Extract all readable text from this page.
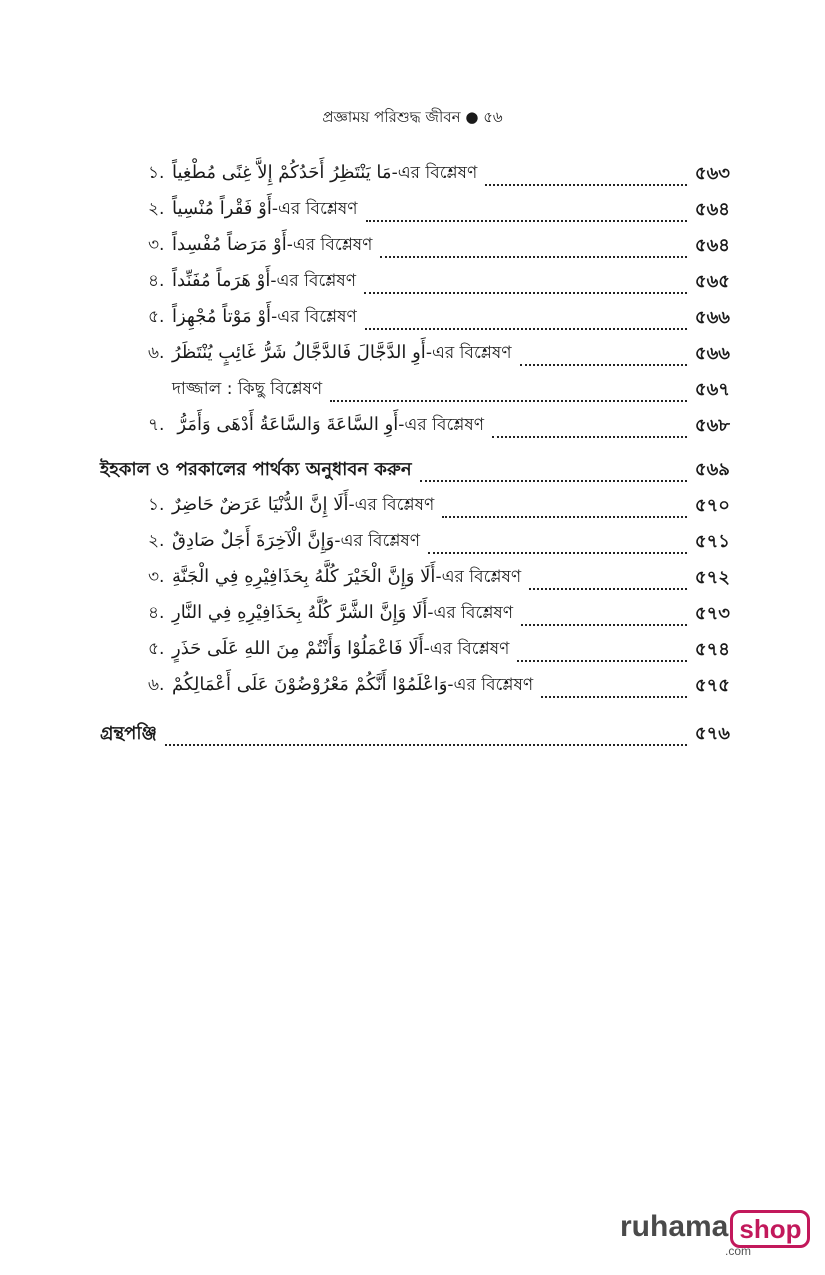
প্রজ্ঞাময় পরিশুদ্ধ জীবন ● ৫৬
১. مَا يَنْتَظِرُ أَحَدُكُمْ إِلاَّ غِنًى مُطْغِياً-এর বিশ্লেষণ	৫৬৩
২. أَوْ فَقْراً مُنْسِياً-এর বিশ্লেষণ	৫৬৪
৩. أَوْ مَرَضاً مُفْسِداً-এর বিশ্লেষণ	৫৬৪
৪. أَوْ هَرَماً مُفَنِّداً-এর বিশ্লেষণ	৫৬৫
৫. أَوْ مَوْتاً مُجْهِزاً-এর বিশ্লেষণ	৫৬৬
৬. أَوِ الدَّجَّالَ فَالدَّجَّالُ شَرُّ غَائِبٍ يُنْتَظَرُ-এর বিশ্লেষণ	৫৬৬
দাজ্জাল : কিছু বিশ্লেষণ	৫৬৭
৭. أَوِ السَّاعَةَ وَالسَّاعَةُ أَدْهَى وَأَمَرُّ-এর বিশ্লেষণ	৫৬৮
ইহকাল ও পরকালের পার্থক্য অনুধাবন করুন	৫৬৯
১. أَلَا إِنَّ الدُّنْيَا عَرَضٌ حَاضِرٌ-এর বিশ্লেষণ	৫৭০
২. وَإِنَّ الْآخِرَةَ أَجَلٌ صَادِقٌ-এর বিশ্লেষণ	৫৭১
৩. أَلَا وَإِنَّ الْخَيْرَ كُلَّهُ بِحَذَافِيْرِهِ فِي الْجَنَّةِ-এর বিশ্লেষণ	৫৭২
৪. أَلَا وَإِنَّ الشَّرَّ كُلَّهُ بِحَذَافِيْرِهِ فِي النَّارِ-এর বিশ্লেষণ	৫৭৩
৫. أَلَا فَاعْمَلُوْا وَأَنْتُمْ مِنَ اللهِ عَلَى حَذَرٍ-এর বিশ্লেষণ	৫৭৪
৬. وَاعْلَمُوْا أَنَّكُمْ مَعْرُوْضُوْنَ عَلَى أَعْمَالِكُمْ-এর বিশ্লেষণ	৫৭৫
গ্রন্থপঞ্জি	৫৭৬
ruhama shop
.com
